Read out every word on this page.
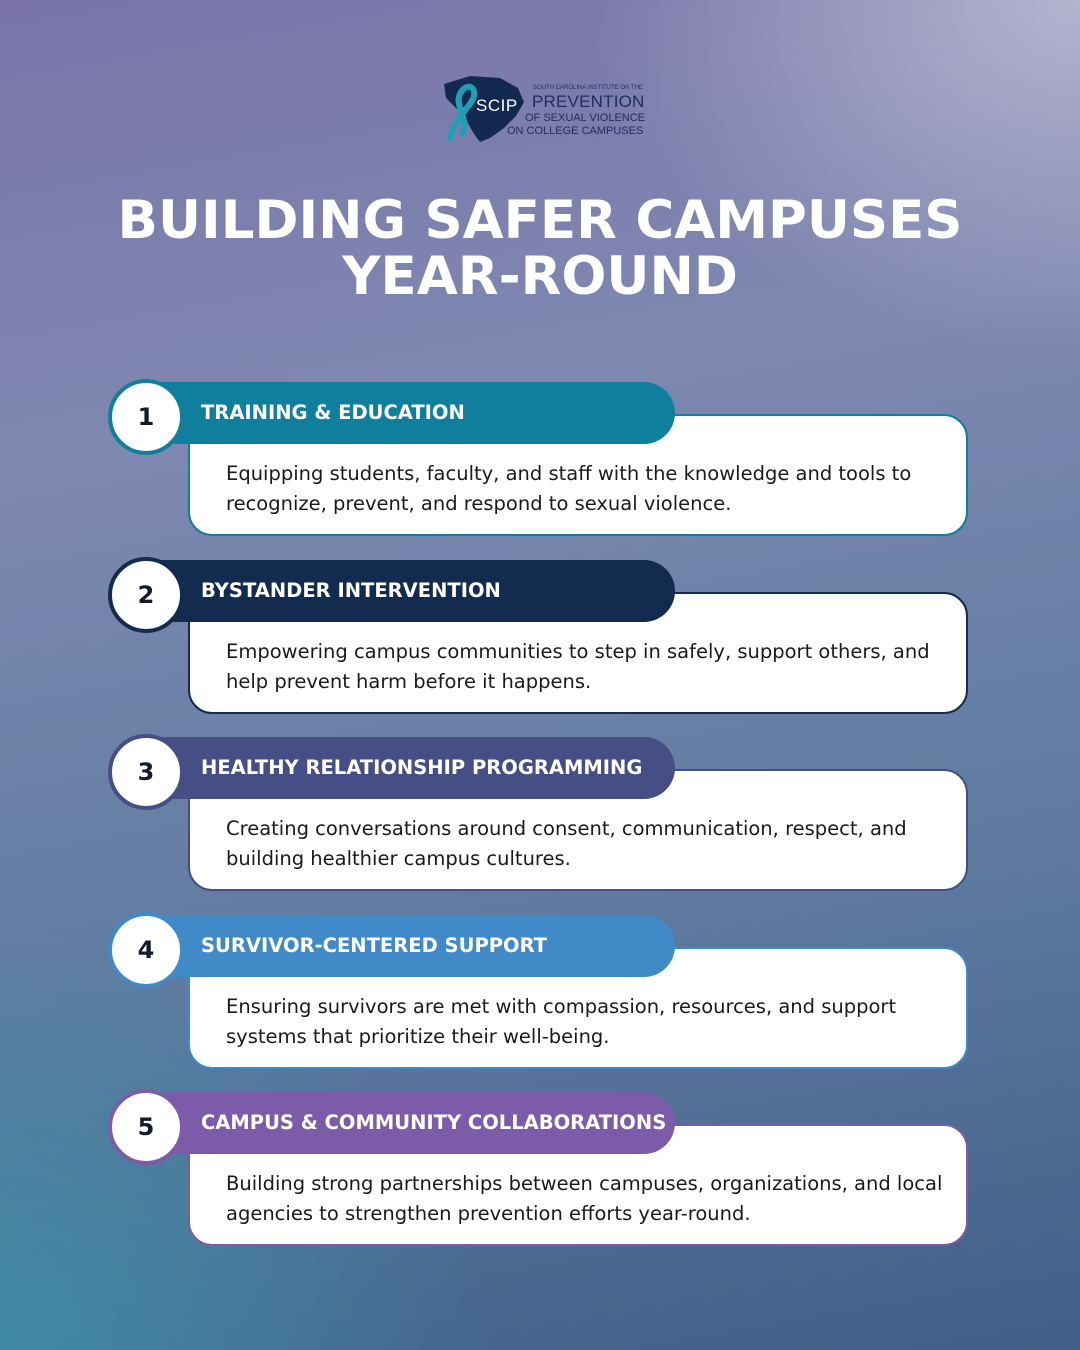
SCIP
SOUTH CAROLINA INSTITUTE ON THE
PREVENTION
OF SEXUAL VIOLENCE
ON COLLEGE CAMPUSES
BUILDING SAFER CAMPUSES
YEAR-ROUND
Equipping students, faculty, and staff with the knowledge and tools to recognize, prevent, and respond to sexual violence.
TRAINING & EDUCATION
1
Empowering campus communities to step in safely, support others, and help prevent harm before it happens.
BYSTANDER INTERVENTION
2
Creating conversations around consent, communication, respect, and building healthier campus cultures.
HEALTHY RELATIONSHIP PROGRAMMING
3
Ensuring survivors are met with compassion, resources, and support systems that prioritize their well-being.
SURVIVOR-CENTERED SUPPORT
4
Building strong partnerships between campuses, organizations, and local agencies to strengthen prevention efforts year-round.
CAMPUS & COMMUNITY COLLABORATIONS
5
